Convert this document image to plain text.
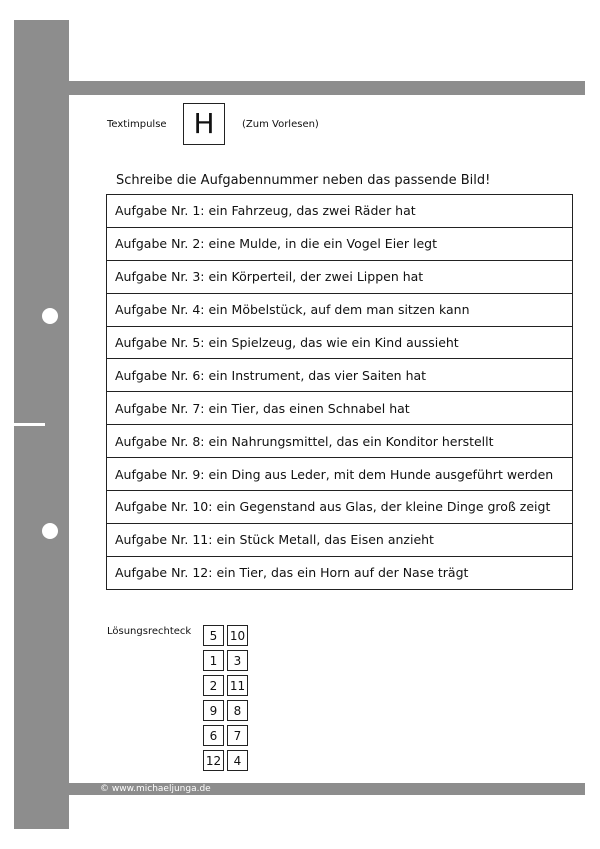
Textimpulse H	(Zum Vorlesen)
Schreibe die Aufgabennummer neben das passende Bild!
Aufgabe Nr. 1: ein Fahrzeug, das zwei Räder hat
Aufgabe Nr. 2: eine Mulde, in die ein Vogel Eier legt
Aufgabe Nr. 3: ein Körperteil, der zwei Lippen hat
Aufgabe Nr. 4: ein Möbelstück, auf dem man sitzen kann
Aufgabe Nr. 5: ein Spielzeug, das wie ein Kind aussieht
Aufgabe Nr. 6: ein Instrument, das vier Saiten hat
Aufgabe Nr. 7: ein Tier, das einen Schnabel hat
Aufgabe Nr. 8: ein Nahrungsmittel, das ein Konditor herstellt
Aufgabe Nr. 9: ein Ding aus Leder, mit dem Hunde ausgeführt werden
Aufgabe Nr. 10: ein Gegenstand aus Glas, der kleine Dinge groß zeigt
Aufgabe Nr. 11: ein Stück Metall, das Eisen anzieht
Aufgabe Nr. 12: ein Tier, das ein Horn auf der Nase trägt
Lösungsrechteck	5	10
1	3
2	11
9	8
6	7
12	4
© www.michaeljunga.de
